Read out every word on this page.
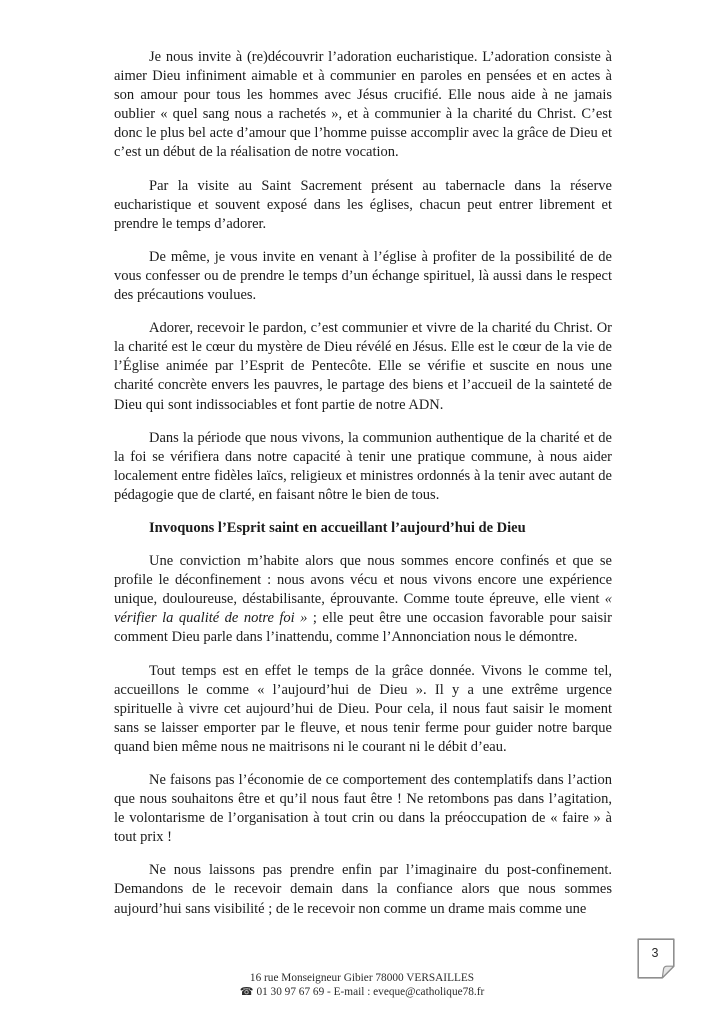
Je nous invite à (re)découvrir l’adoration eucharistique. L’adoration consiste à aimer Dieu infiniment aimable et à communier en paroles en pensées et en actes à son amour pour tous les hommes avec Jésus crucifié. Elle nous aide à ne jamais oublier « quel sang nous a rachetés », et à communier à la charité du Christ. C’est donc le plus bel acte d’amour que l’homme puisse accomplir avec la grâce de Dieu et c’est un début de la réalisation de notre vocation.

Par la visite au Saint Sacrement présent au tabernacle dans la réserve eucharistique et souvent exposé dans les églises, chacun peut entrer librement et prendre le temps d’adorer.

De même, je vous invite en venant à l’église à profiter de la possibilité de de vous confesser ou de prendre le temps d’un échange spirituel, là aussi dans le respect des précautions voulues.

Adorer, recevoir le pardon, c’est communier et vivre de la charité du Christ. Or la charité est le cœur du mystère de Dieu révélé en Jésus. Elle est le cœur de la vie de l’Église animée par l’Esprit de Pentecôte. Elle se vérifie et suscite en nous une charité concrète envers les pauvres, le partage des biens et l’accueil de la sainteté de Dieu qui sont indissociables et font partie de notre ADN.

Dans la période que nous vivons, la communion authentique de la charité et de la foi se vérifiera dans notre capacité à tenir une pratique commune, à nous aider localement entre fidèles laïcs, religieux et ministres ordonnés à la tenir avec autant de pédagogie que de clarté, en faisant nôtre le bien de tous.

Invoquons l’Esprit saint en accueillant l’aujourd’hui de Dieu

Une conviction m’habite alors que nous sommes encore confinés et que se profile le déconfinement : nous avons vécu et nous vivons encore une expérience unique, douloureuse, déstabilisante, éprouvante. Comme toute épreuve, elle vient « vérifier la qualité de notre foi » ; elle peut être une occasion favorable pour saisir comment Dieu parle dans l’inattendu, comme l’Annonciation nous le démontre.

Tout temps est en effet le temps de la grâce donnée. Vivons le comme tel, accueillons le comme « l’aujourd’hui de Dieu ». Il y a une extrême urgence spirituelle à vivre cet aujourd’hui de Dieu. Pour cela, il nous faut saisir le moment sans se laisser emporter par le fleuve, et nous tenir ferme pour guider notre barque quand bien même nous ne maitrisons ni le courant ni le débit d’eau.

Ne faisons pas l’économie de ce comportement des contemplatifs dans l’action que nous souhaitons être et qu’il nous faut être ! Ne retombons pas dans l’agitation, le volontarisme de l’organisation à tout crin ou dans la préoccupation de « faire » à tout prix !

Ne nous laissons pas prendre enfin par l’imaginaire du post-confinement. Demandons de le recevoir demain dans la confiance alors que nous sommes aujourd’hui sans visibilité ; de le recevoir non comme un drame mais comme une

3
16 rue Monseigneur Gibier 78000 VERSAILLES
☎ 01 30 97 67 69 - E-mail : eveque@catholique78.fr
